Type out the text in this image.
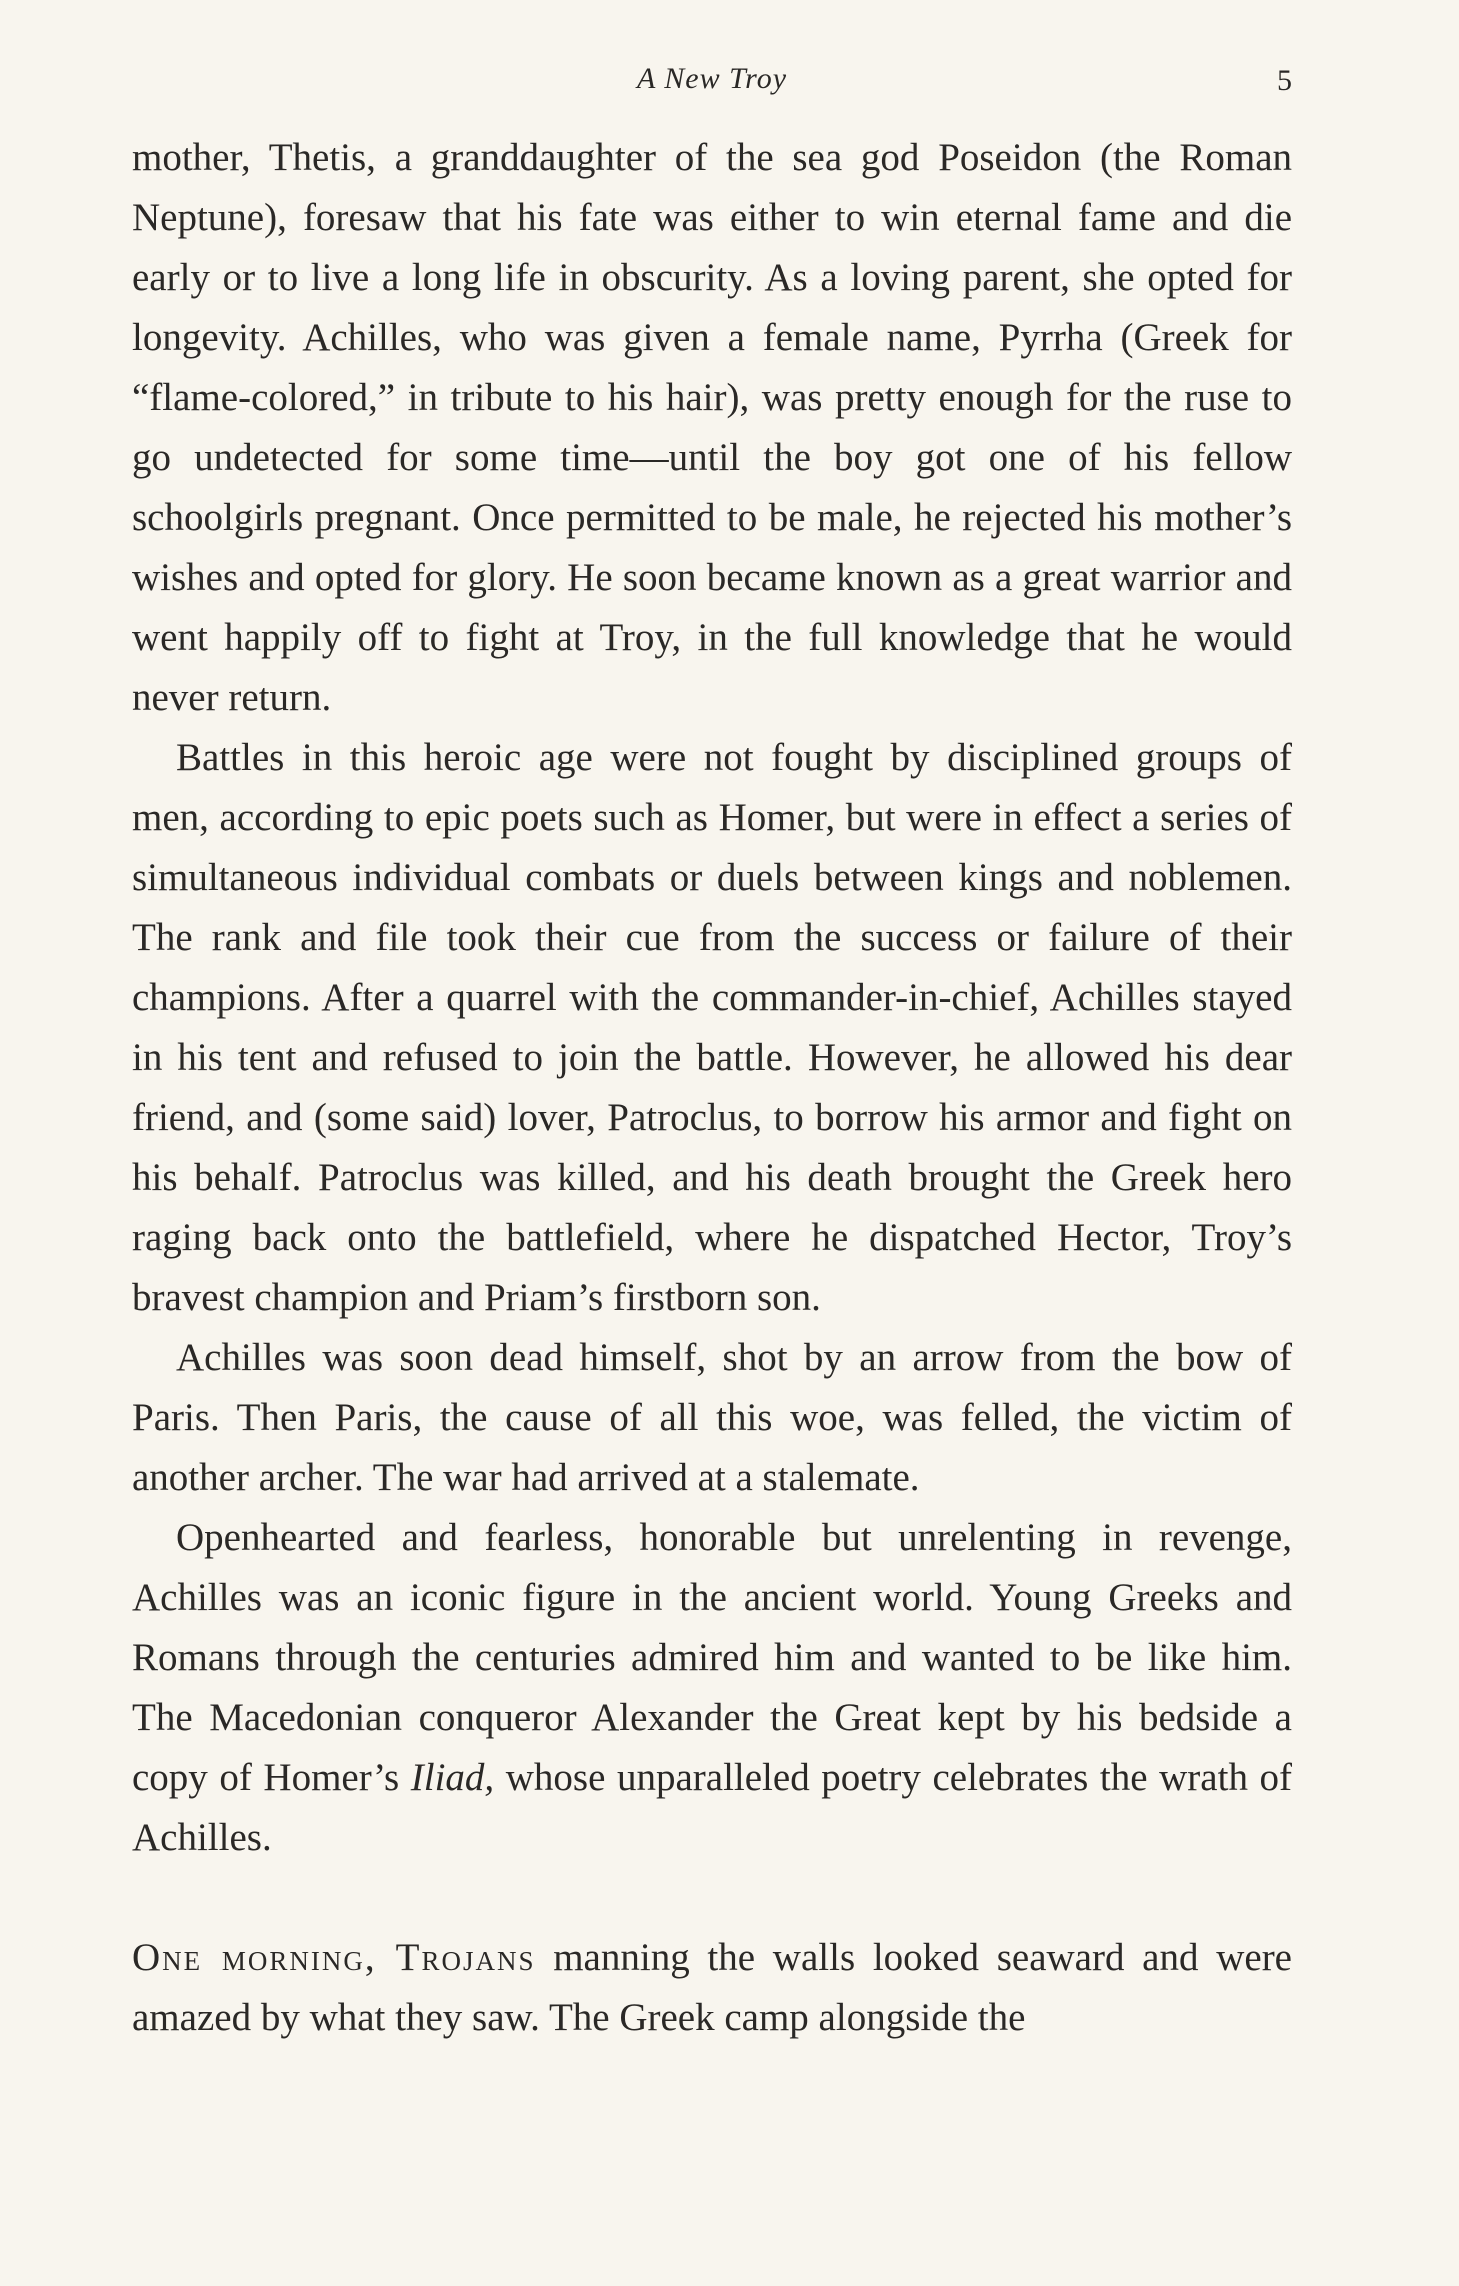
A New Troy	5

mother, Thetis, a granddaughter of the sea god Poseidon (the Roman Neptune), foresaw that his fate was either to win eternal fame and die early or to live a long life in obscurity. As a loving parent, she opted for longevity. Achilles, who was given a female name, Pyrrha (Greek for “flame-colored,” in tribute to his hair), was pretty enough for the ruse to go undetected for some time—until the boy got one of his fellow schoolgirls pregnant. Once permitted to be male, he rejected his mother’s wishes and opted for glory. He soon became known as a great warrior and went happily off to fight at Troy, in the full knowledge that he would never return.

Battles in this heroic age were not fought by disciplined groups of men, according to epic poets such as Homer, but were in effect a series of simultaneous individual combats or duels between kings and noblemen. The rank and file took their cue from the success or failure of their champions. After a quarrel with the commander-in-chief, Achilles stayed in his tent and refused to join the battle. However, he allowed his dear friend, and (some said) lover, Patroclus, to borrow his armor and fight on his behalf. Patroclus was killed, and his death brought the Greek hero raging back onto the battlefield, where he dispatched Hector, Troy’s bravest champion and Priam’s firstborn son.

Achilles was soon dead himself, shot by an arrow from the bow of Paris. Then Paris, the cause of all this woe, was felled, the victim of another archer. The war had arrived at a stalemate.

Openhearted and fearless, honorable but unrelenting in revenge, Achilles was an iconic figure in the ancient world. Young Greeks and Romans through the centuries admired him and wanted to be like him. The Macedonian conqueror Alexander the Great kept by his bedside a copy of Homer’s Iliad, whose unparalleled poetry celebrates the wrath of Achilles.

One morning, Trojans manning the walls looked seaward and were amazed by what they saw. The Greek camp alongside the
